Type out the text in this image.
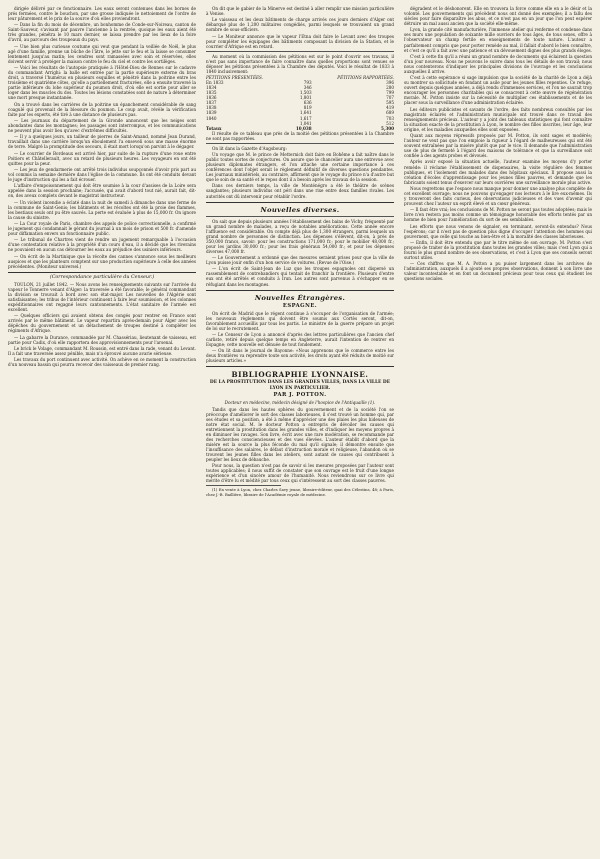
dirigée délivré par ce fonctionnaire. Les eaux seront contenues dans les bornes de prés fermées, contre le bouchon, par une grosse indiquée le nettoiement de l'ordre de leur pâturement et le prix de la source d'où elles proviendront.

— Dans la fin du mois de décembre, un bonhomme de Conde-sur-Noireau, canton de Saint-Sauveur, s'avisant par pauvre l'ancienne à la rentrée, quoique les eaux aient été très grandes, pénétra le 10 mars dernier, se laissa prendre par les lieux de la foire d'avril, au parcours des troupeaux du pays.

— Une bien plus curieuse coutume qui veut que pendant la veillée de Noël, le plus agé d'une famille, prenne un bûche de l'âtre, le jette sur le feu et la laisse se consumer lentement jusqu'au matin; les cendres sont ramassées avec soin et réservées, elles doivent servir à protéger la maison contre le feu du ciel et contre les sortilèges.

— Voici les résultats de l'autopsie pratiquée à l'Hôtel-Dieu de Rennes sur le cadavre du commandant Arrighi: la balle est entrée par la partie supérieure externe du bras droit, a traversé l'humérus en plusieurs esquilles et pénétré dans la poitrine entre les troisième et quatrième côtes, qu'elle a partiellement fracturées, elle a ensuite traversé la partie inférieure du lobe supérieur du poumon droit, d'où elle est sortie pour aller se loger dans les muscles du dos. Toutes les lésions constatées sont de nature à déterminer une mort presque instantanée.

On a trouvé dans les carrières de la poitrine un épanchement considérable de sang coagulé qui provenait de la blessure du poumon. Le coup avait, révèle la vérification faite par les experts, été tiré à une distance de plusieurs pas.

— Les journaux du département de la Gironde annoncent que les neiges sont abondantes dans les montagnes; les passages sont interrompus, et les communications ne peuvent plus avoir lieu qu'avec d'extrêmes difficultés.

— Il y a quelques jours, un tailleur de pierres de Saint-Amand, nommé Jean Durand, travaillait dans une carrière lorsqu'un éboulement l'a enseveli sous une masse énorme de terre. Malgré la promptitude des secours, il était mort lorsqu'on parvint à le dégager.

— Le courrier de Bordeaux est arrivé hier, par suite de la rupture d'une roue entre Poitiers et Châtellerault, avec un retard de plusieurs heures. Les voyageurs en ont été quittes pour la peur.

— Les jeux de gendarmerie ont arrêté trois individus soupçonnés d'avoir pris part au vol commis la semaine dernière dans l'église de la commune. Ils ont été conduits devant le juge d'instruction qui les a fait écrouer.

L'affaire d'empoisonnement qui doit être soumise à la cour d'assises de la Loire sera appelée dans la session prochaine; l'accusée, qui avait d'abord tout nié, aurait fait, dit-on, des aveux complets devant le magistrat instructeur.

— Un violent incendie a éclaté dans la nuit de samedi à dimanche dans une ferme de la commune de Saint-Genis; les bâtiments et les récoltes ont été la proie des flammes, les bestiaux seuls ont pu être sauvés. La perte est évaluée à plus de 15,000 fr. On ignore la cause du sinistre.

— La Cour royale de Paris, chambre des appels de police correctionnelle, a confirmé le jugement qui condamnait le gérant du journal à un mois de prison et 500 fr. d'amende pour diffamation envers un fonctionnaire public.

— Le tribunal de Chartres vient de rendre un jugement remarquable à l'occasion d'une contestation relative à la propriété d'un cours d'eau, il a décidé que les riverains ne pouvaient en aucun cas détourner les eaux au préjudice des usiniers inférieurs.

— On écrit de la Martinique que la récolte des cannes s'annonce sous les meilleurs auspices et que les planteurs comptent sur une production supérieure à celle des années précédentes. (Moniteur universel.)

(Correspondance particulière du Censeur.)

TOULON, 21 juillet 1842. — Nous avons les renseignements suivants sur l'arrivée du vapeur le Tonnerre venant d'Alger: la traversée a été favorable; le général commandant la division se trouvait à bord avec son état-major. Les nouvelles de l'Algérie sont satisfaisantes; les tribus de l'intérieur continuent à faire leur soumission, et les colonnes expéditionnaires ont regagné leurs cantonnements. L'état sanitaire de l'armée est excellent.

— Quelques officiers qui avaient obtenu des congés pour rentrer en France sont arrivés par le même bâtiment. Le vapeur repartira après-demain pour Alger avec les dépêches du gouvernement et un détachement de troupes destiné à compléter les régiments d'Afrique.

— La gabarre la Durance, commandée par M. Chassériau, lieutenant de vaisseau, est partie pour Cadix, d'où elle rapportera des approvisionnements pour l'arsenal.

Le brick le Volage, commandant M. Roussin, est entré dans la rade, venant du Levant. Il a fait une traversée assez pénible, mais n'a éprouvé aucune avarie sérieuse.

Les travaux du port continuent avec activité. On achève en ce moment la construction d'un nouveau bassin qui pourra recevoir des vaisseaux de premier rang.

On dit que le gabier de la Minerve est destiné à aller remplir une mission particulière à Venise.

Le vaisseau et les deux bâtiments de charge arrivés ces jours derniers d'Alger ont débarqué plus de 1,200 militaires congédiés, parmi lesquels se trouvaient un grand nombre de sous-officiers.

— Le Moniteur annonce que le vapeur l'Etna doit faire le Levant avec des troupes pour compléter les équipages des bâtiments composant la division de la Station, et le courrier d'Afrique est en retard.

Au moment où la commission des pétitions est sur le point d'ouvrir ses travaux, il n'est pas sans importance de faire connaître dans quelles proportions sont venues se déposer les pétitions présentées à la Chambre des députés. Voici le résultat de 1833 à 1840 inclusivement:

PÉTITIONS PRÉSENTÉES.		PÉTITIONS RAPPORTÉES.
En 1833	793	396
1834	346	280
1835	1,503	799
1836	1,801	707
1837	636	595
1838	819	419
1839	1,641	689
1840	1,617	703
	1,041	512
Totaux	10,038	5,300

Il résulte de ce tableau que près de la moitié des pétitions présentées à la Chambre ne sont pas rapportées.

On lit dans la Gazette d'Augsbourg:

Un voyage que M. le prince de Metternich doit faire en Bohême a fait naître dans le public toutes sortes de conjectures. On assure que le chancelier aura une entrevue avec plusieurs diplomates étrangers, et l'on attache une certaine importance à ces conférences dont l'objet serait le règlement définitif de diverses questions pendantes. Les journaux ministériels, au contraire, affirment que le voyage du prince n'a d'autre but que le soin de sa santé et le repos dont il a besoin après les travaux de la session.

Dans ces derniers temps, la ville de Monténégro a été le théâtre de scènes sanglantes; plusieurs individus ont péri dans une rixe entre deux familles rivales. Les autorités ont dû intervenir pour rétablir l'ordre.

Nouvelles diverses.

On sait que depuis plusieurs années l'établissement des bains de Vichy, fréquenté par un grand nombre de malades, a reçu de notables améliorations. Cette année encore l'affluence est considérable. On compte déjà plus de 1,300 étrangers, parmi lesquels un grand nombre de personnes de distinction. Les dépenses s'élèvent, dit-on, à près de 350,000 francs, savoir: pour les constructions 171,000 fr.; pour le mobilier 48,000 fr.; pour les jardins 30,000 fr.; pour les frais généraux 54,000 fr.; et pour les dépenses diverses 47,000 fr.

— Le Gouvernement a ordonné que des mesures seraient prises pour que la ville de Lyon puisse jouir enfin d'un bon service de voitures. (Revue de l'Oise.)

— L'on écrit de Saint-Jean de Luz que les troupes espagnoles ont dispersé un rassemblement de contrebandiers qui tentait de franchir la frontière. Plusieurs d'entre eux ont été arrêtés et conduits à Irun. Les autres sont parvenus à s'échapper en se réfugiant dans les montagnes.

Nouvelles Étrangères.
ESPAGNE.

On écrit de Madrid que le régent continue à s'occuper de l'organisation de l'armée; les nouveaux règlements qui doivent être soumis aux Cortès seront, dit-on, favorablement accueillis par tous les partis. Le ministre de la guerre prépare un projet de loi sur le recrutement.

— Le Censeur de Lyon a annoncé d'après des lettres particulières que l'ancien chef carliste, retiré depuis quelque temps en Angleterre, aurait l'intention de rentrer en Espagne; cette nouvelle est dénuée de tout fondement.

— On lit dans le journal de Bayonne: «Nous apprenons que le commerce entre les deux frontières va reprendre toute son activité, les droits ayant été réduits de moitié sur plusieurs articles.»

BIBLIOGRAPHIE LYONNAISE.
DE LA PROSTITUTION DANS LES GRANDES VILLES, DANS LA VILLE DE LYON EN PARTICULIER.
PAR J. POTTON.

Docteur en médecine, médecin désigné de l'hospice de l'Antiquaille (1).

Tandis que dans les hautes sphères du gouvernement et de la société l'on se préoccupe d'améliorer le sort des classes laborieuses, il s'est trouvé un homme qui, par ses études et sa position, a été à même d'apprécier une des plaies les plus hideuses de notre état social. M. le docteur Potton a entrepris de dévoiler les causes qui entretiennent la prostitution dans les grandes villes, et d'indiquer les moyens propres à en diminuer les ravages. Son livre, écrit avec une rare modération, se recommande par des recherches consciencieuses et des vues élevées. L'auteur établit d'abord que la misère est la source la plus féconde du mal qu'il signale; il démontre ensuite que l'insuffisance des salaires, le défaut d'instruction morale et religieuse, l'abandon où se trouvent les jeunes filles dans les ateliers, sont autant de causes qui contribuent à peupler les lieux de débauche.

Pour nous, la question n'est pas de savoir si les mesures proposées par l'auteur sont toutes applicables; il nous suffit de constater que son ouvrage est le fruit d'une longue expérience et d'un sincère amour de l'humanité. Nous reviendrons sur ce livre qui mérite d'être lu et médité par tous ceux qui s'intéressent au sort des classes pauvres.

(1) En vente à Lyon, chez Charles Savy jeune, libraire-éditeur, quai des Célestins, 48; à Paris, chez J.-B. Baillière, libraire de l'Académie royale de médecine.

dégradent et le déshonorent. Elle en trouvera la force comme elle en a le désir et la volonté. Les gouvernements qui précèdent nous ont donné des exemples; il a fallu des siècles pour faire disparaître les abus, et ce n'est pas en un jour que l'on peut espérer détruire un mal aussi ancien que la société elle-même.

Lyon, la grande cité manufacturière, l'immense atelier qui renferme et condense dans ses murs une population de soixante mille ouvriers de tous âges, de tous sexes, offre à l'observateur un champ fertile en enseignements de toute nature. L'auteur a parfaitement compris que pour porter remède au mal, il fallait d'abord le bien connaître, et c'est ce qu'il a fait avec une patience et un dévouement dignes des plus grands éloges.

C'est à cette fin qu'il a réuni un grand nombre de documents qui éclairent la question d'un jour nouveau. Nous ne pouvons le suivre dans tous les détails de son travail; nous nous contenterons d'indiquer les principales divisions de l'ouvrage et les conclusions auxquelles il arrive.

C'est à cette espérance si sage impulsion que la société de la charité de Lyon a déjà su montrer sa sollicitude en fondant un asile pour les jeunes filles repenties. Ce refuge, ouvert depuis quelques années, a déjà rendu d'immenses services, et l'on ne saurait trop encourager les personnes charitables qui se consacrent à cette œuvre de régénération morale. M. Potton insiste sur la nécessité de multiplier ces établissements et de les placer sous la surveillance d'une administration éclairée.

Les éditeurs publicistes et savants de l'ordre, des faits nombreux consultés par les magistrats éclairés et l'administration municipale ont trouvé dans ce travail des renseignements précieux. L'auteur y a joint des tableaux statistiques qui font connaître la situation exacte de la prostitution à Lyon, le nombre des filles inscrites, leur âge, leur origine, et les maladies auxquelles elles sont exposées.

Quant aux moyens répressifs proposés par M. Potton, ils sont sages et modérés; l'auteur ne veut pas que l'on emploie la rigueur à l'égard de malheureuses qui ont été souvent entraînées par la misère plutôt que par le vice. Il demande que l'administration use de plus de fermeté à l'égard des maisons de tolérance et que la surveillance soit confiée à des agents probes et dévoués.

Après avoir exposé la situation actuelle, l'auteur examine les moyens d'y porter remède: il réclame l'établissement de dispensaires, la visite régulière des femmes publiques, et l'isolement des malades dans des hôpitaux spéciaux. Il propose aussi la création d'écoles d'apprentissage pour les jeunes filles pauvres, et demande que les fabricants soient tenus d'exercer sur leurs ouvrières une surveillance morale plus active.

Nous regrettons que l'espace nous manque pour donner une analyse plus complète de cet excellent ouvrage; nous ne pouvons qu'engager nos lecteurs à le lire eux-mêmes. Ils y trouveront des faits curieux, des observations judicieuses et des vues d'avenir qui prouvent chez l'auteur un esprit élevé et un cœur généreux.

— Il faut être vrai; les conclusions de M. Potton ne seront pas toutes adoptées; mais le livre n'en restera pas moins comme un témoignage honorable des efforts tentés par un homme de bien pour l'amélioration du sort de ses semblables.

Les efforts que nous venons de signaler, en terminant, seront-ils entendus? Nous l'espérons; car il n'est pas de question plus digne d'occuper l'attention des hommes qui gouvernent, que celle qui touche au bien-être et à la moralité des classes laborieuses.

— Enfin, il doit être entendu que par le titre même de son ouvrage, M. Potton s'est proposé de traiter de la prostitution dans toutes les grandes villes; mais c'est Lyon qui a fourni le plus grand nombre de ses observations, et c'est à Lyon que ses conseils seront surtout utiles.

— Ces chiffres que M. A. Potton a pu puiser largement dans les archives de l'administration, auxquels il a ajouté ses propres observations, donnent à son livre une valeur incontestable et en font un document précieux pour tous ceux qui étudient les questions sociales.
